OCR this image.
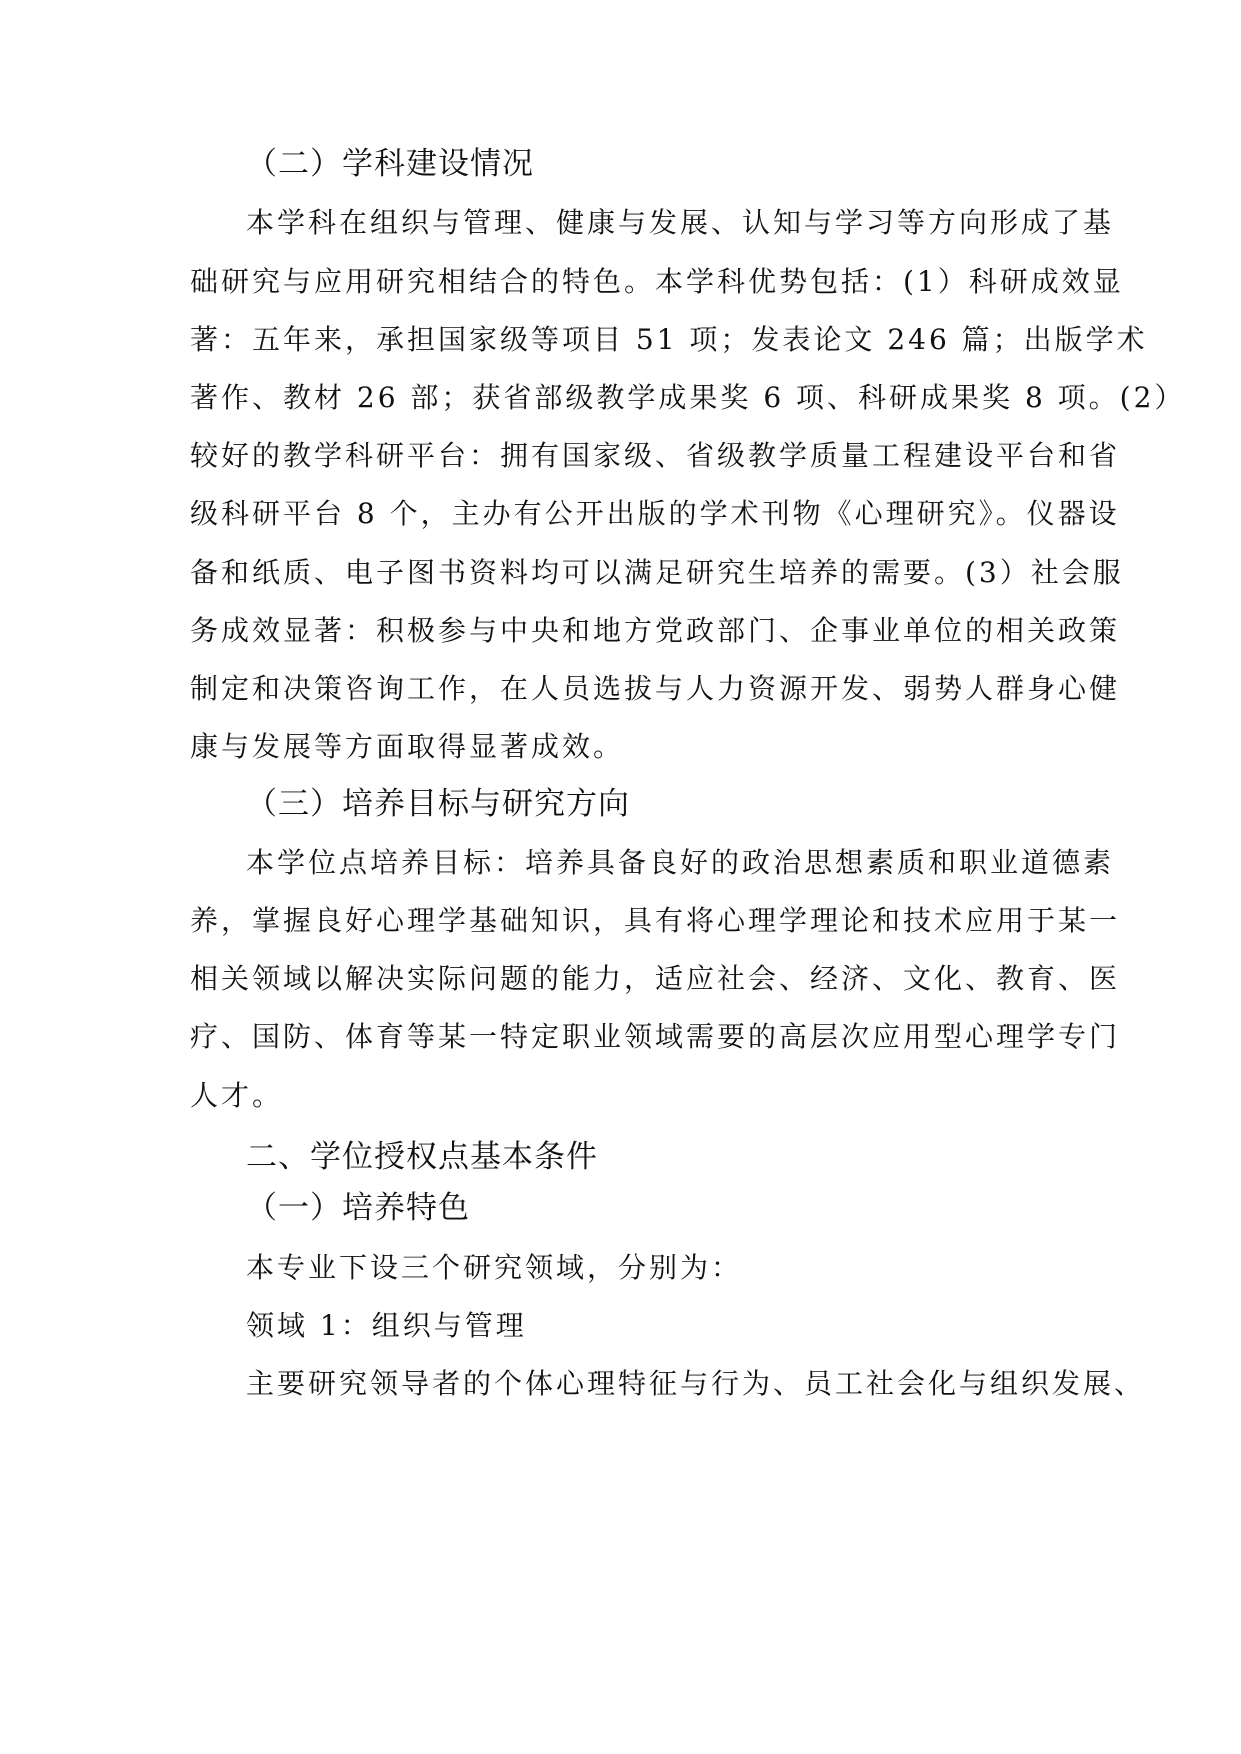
（二）学科建设情况
本学科在组织与管理、健康与发展、认知与学习等方向形成了基
础研究与应用研究相结合的特色。本学科优势包括：(1）科研成效显
著：五年来，承担国家级等项目 51 项；发表论文 246 篇；出版学术
著作、教材 26 部；获省部级教学成果奖 6 项、科研成果奖 8 项。(2）
较好的教学科研平台：拥有国家级、省级教学质量工程建设平台和省
级科研平台 8 个，主办有公开出版的学术刊物《心理研究》。仪器设
备和纸质、电子图书资料均可以满足研究生培养的需要。(3）社会服
务成效显著：积极参与中央和地方党政部门、企事业单位的相关政策
制定和决策咨询工作，在人员选拔与人力资源开发、弱势人群身心健
康与发展等方面取得显著成效。
（三）培养目标与研究方向
本学位点培养目标：培养具备良好的政治思想素质和职业道德素
养，掌握良好心理学基础知识，具有将心理学理论和技术应用于某一
相关领域以解决实际问题的能力，适应社会、经济、文化、教育、医
疗、国防、体育等某一特定职业领域需要的高层次应用型心理学专门
人才。
二、学位授权点基本条件
（一）培养特色
本专业下设三个研究领域，分别为：
领域 1：组织与管理
主要研究领导者的个体心理特征与行为、员工社会化与组织发展、
